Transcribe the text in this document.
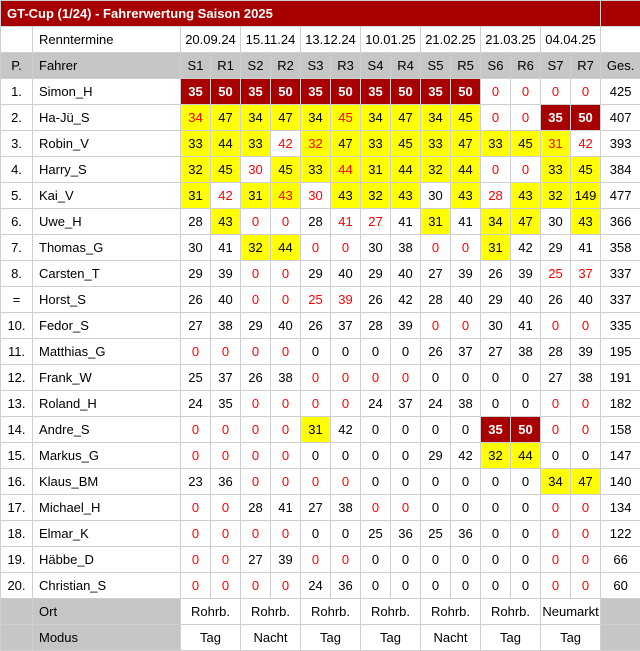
GT-Cup (1/24) - Fahrerwertung Saison 2025																
	Renntermine	20.09.24		15.11.24		13.12.24		10.01.25		21.02.25		21.03.25		04.04.25		
P.	Fahrer	S1	R1	S2	R2	S3	R3	S4	R4	S5	R5	S6	R6	S7	R7	Ges.
1.	Simon_H	35	50	35	50	35	50	35	50	35	50	0	0	0	0	425
2.	Ha-Jü_S	34	47	34	47	34	45	34	47	34	45	0	0	35	50	407
3.	Robin_V	33	44	33	42	32	47	33	45	33	47	33	45	31	42	393
4.	Harry_S	32	45	30	45	33	44	31	44	32	44	0	0	33	45	384
5.	Kai_V	31	42	31	43	30	43	32	43	30	43	28	43	32	149	477
6.	Uwe_H	28	43	0	0	28	41	27	41	31	41	34	47	30	43	366
7.	Thomas_G	30	41	32	44	0	0	30	38	0	0	31	42	29	41	358
8.	Carsten_T	29	39	0	0	29	40	29	40	27	39	26	39	25	37	337
=	Horst_S	26	40	0	0	25	39	26	42	28	40	29	40	26	40	337
10.	Fedor_S	27	38	29	40	26	37	28	39	0	0	30	41	0	0	335
11.	Matthias_G	0	0	0	0	0	0	0	0	26	37	27	38	28	39	195
12.	Frank_W	25	37	26	38	0	0	0	0	0	0	0	0	27	38	191
13.	Roland_H	24	35	0	0	0	0	24	37	24	38	0	0	0	0	182
14.	Andre_S	0	0	0	0	31	42	0	0	0	0	35	50	0	0	158
15.	Markus_G	0	0	0	0	0	0	0	0	29	42	32	44	0	0	147
16.	Klaus_BM	23	36	0	0	0	0	0	0	0	0	0	0	34	47	140
17.	Michael_H	0	0	28	41	27	38	0	0	0	0	0	0	0	0	134
18.	Elmar_K	0	0	0	0	0	0	25	36	25	36	0	0	0	0	122
19.	Häbbe_D	0	0	27	39	0	0	0	0	0	0	0	0	0	0	66
20.	Christian_S	0	0	0	0	24	36	0	0	0	0	0	0	0	0	60
	Ort	Rohrb.		Rohrb.		Rohrb.		Rohrb.		Rohrb.		Rohrb.		Neumarkt		
	Modus	Tag		Nacht		Tag		Tag		Nacht		Tag		Tag		
